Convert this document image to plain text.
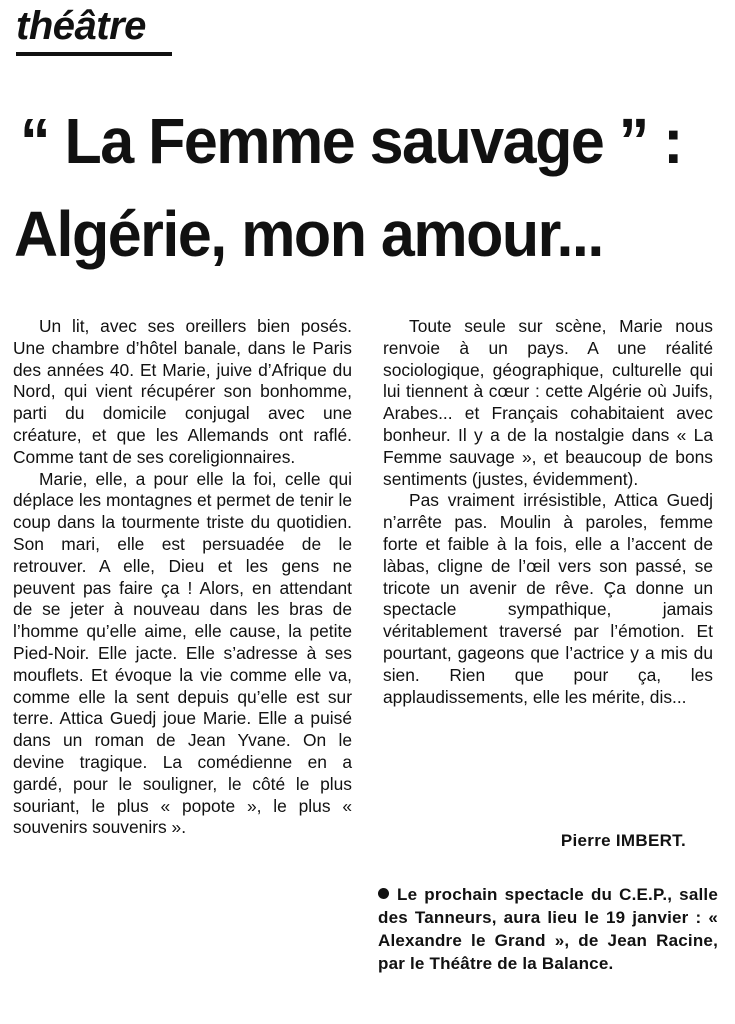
théâtre
“ La Femme sauvage ” :
Algérie, mon amour...

Un lit, avec ses oreillers bien posés. Une chambre d’hôtel banale, dans le Paris des années 40. Et Marie, juive d’Afrique du Nord, qui vient récupérer son bonhomme, parti du domicile conjugal avec une créature, et que les Allemands ont raflé. Comme tant de ses coreligionnaires.

Marie, elle, a pour elle la foi, celle qui déplace les montagnes et permet de tenir le coup dans la tourmente triste du quotidien. Son mari, elle est persuadée de le retrouver. A elle, Dieu et les gens ne peuvent pas faire ça ! Alors, en attendant de se jeter à nouveau dans les bras de l’homme qu’elle aime, elle cause, la petite Pied-Noir. Elle jacte. Elle s’adresse à ses mouflets. Et évoque la vie comme elle va, comme elle la sent depuis qu’elle est sur terre. Attica Guedj joue Marie. Elle a puisé dans un roman de Jean Yvane. On le devine tragique. La comédienne en a gardé, pour le souligner, le côté le plus souriant, le plus « popote », le plus « souvenirs souvenirs ».

Toute seule sur scène, Marie nous renvoie à un pays. A une réalité sociologique, géographique, culturelle qui lui tiennent à cœur : cette Algérie où Juifs, Arabes... et Français cohabitaient avec bonheur. Il y a de la nostalgie dans « La Femme sauvage », et beaucoup de bons sentiments (justes, évidemment).

Pas vraiment irrésistible, Attica Guedj n’arrête pas. Moulin à paroles, femme forte et faible à la fois, elle a l’accent de làbas, cligne de l’œil vers son passé, se tricote un avenir de rêve. Ça donne un spectacle sympathique, jamais véritablement traversé par l’émotion. Et pourtant, gageons que l’actrice y a mis du sien. Rien que pour ça, les applaudissements, elle les mérite, dis...

Pierre IMBERT.
Le prochain spectacle du C.E.P., salle des Tanneurs, aura lieu le 19 janvier : « Alexandre le Grand », de Jean Racine, par le Théâtre de la Balance.
